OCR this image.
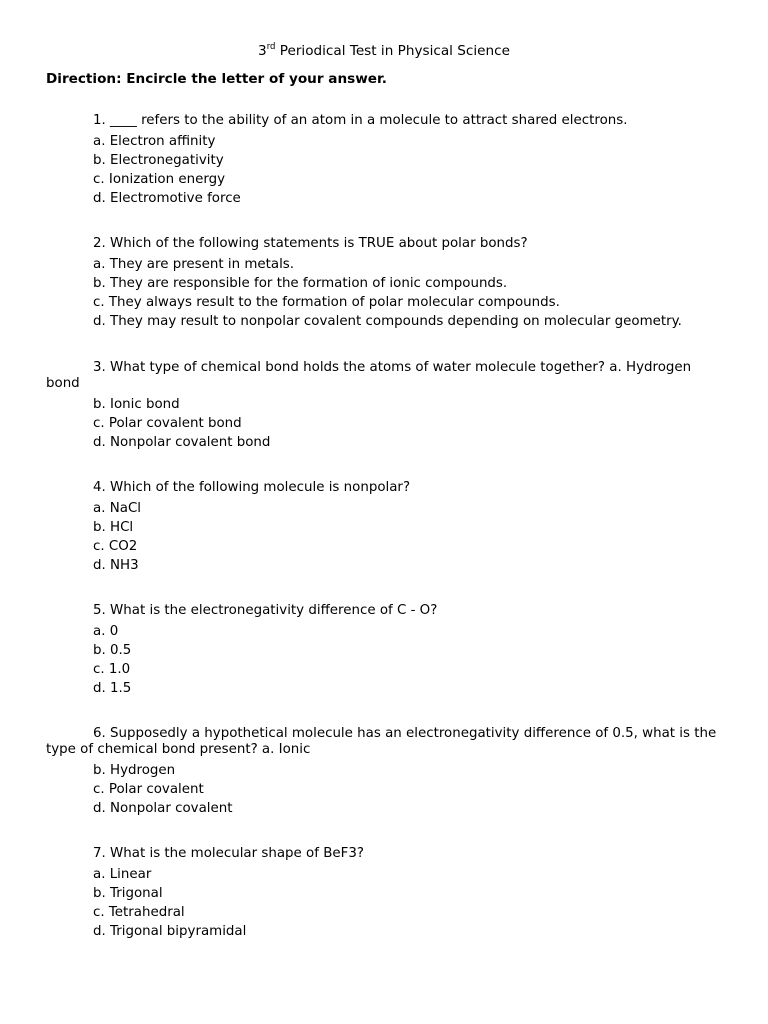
3rd Periodical Test in Physical Science
Direction: Encircle the letter of your answer.

1. ____ refers to the ability of an atom in a molecule to attract shared electrons.

a. Electron affinity
b. Electronegativity
c. Ionization energy
d. Electromotive force

2. Which of the following statements is TRUE about polar bonds?

a. They are present in metals.
b. They are responsible for the formation of ionic compounds.
c. They always result to the formation of polar molecular compounds.
d. They may result to nonpolar covalent compounds depending on molecular geometry.

3. What type of chemical bond holds the atoms of water molecule together? a. Hydrogen bond

b. Ionic bond
c. Polar covalent bond
d. Nonpolar covalent bond

4. Which of the following molecule is nonpolar?

a. NaCl
b. HCl
c. CO2
d. NH3

5. What is the electronegativity difference of C - O?

a. 0
b. 0.5
c. 1.0
d. 1.5

6. Supposedly a hypothetical molecule has an electronegativity difference of 0.5, what is the type of chemical bond present? a. Ionic

b. Hydrogen
c. Polar covalent
d. Nonpolar covalent

7. What is the molecular shape of BeF3?

a. Linear
b. Trigonal
c. Tetrahedral
d. Trigonal bipyramidal
